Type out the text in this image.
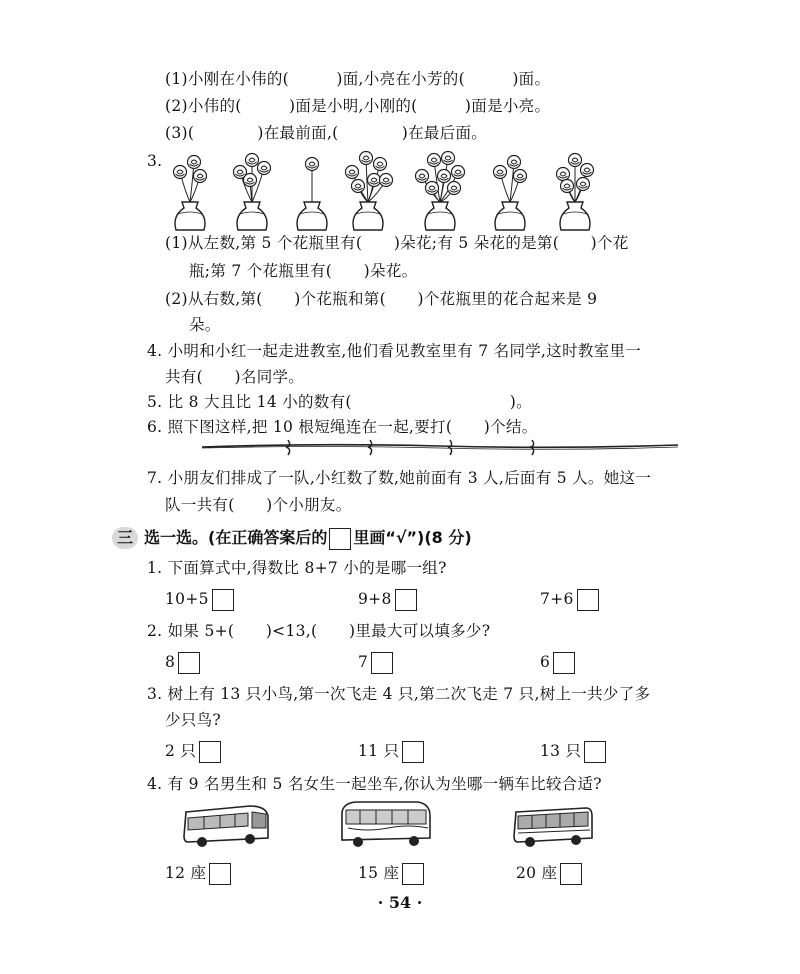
(1)小刚在小伟的(　　　)面,小亮在小芳的(　　　)面。
(2)小伟的(　　　)面是小明,小刚的(　　　)面是小亮。
(3)(　　　　)在最前面,(　　　　)在最后面。
3.
(1)从左数,第 5 个花瓶里有(　　)朵花;有 5 朵花的是第(　　)个花
瓶;第 7 个花瓶里有(　　)朵花。
(2)从右数,第(　　)个花瓶和第(　　)个花瓶里的花合起来是 9
朵。
4. 小明和小红一起走进教室,他们看见教室里有 7 名同学,这时教室里一
共有(　　)名同学。
5. 比 8 大且比 14 小的数有(　　　　　　　　　　)。
6. 照下图这样,把 10 根短绳连在一起,要打(　　)个结。
7. 小朋友们排成了一队,小红数了数,她前面有 3 人,后面有 5 人。她这一
队一共有(　　)个小朋友。
三 选一选。(在正确答案后的 里画“√”)(8 分)
1. 下面算式中,得数比 8+7 小的是哪一组?
10+5	9+8	7+6
2. 如果 5+(　　)<13,(　　)里最大可以填多少?
8	7	6
3. 树上有 13 只小鸟,第一次飞走 4 只,第二次飞走 7 只,树上一共少了多
少只鸟?
2 只	11 只	13 只
4. 有 9 名男生和 5 名女生一起坐车,你认为坐哪一辆车比较合适?
12 座	15 座	20 座
· 54 ·
